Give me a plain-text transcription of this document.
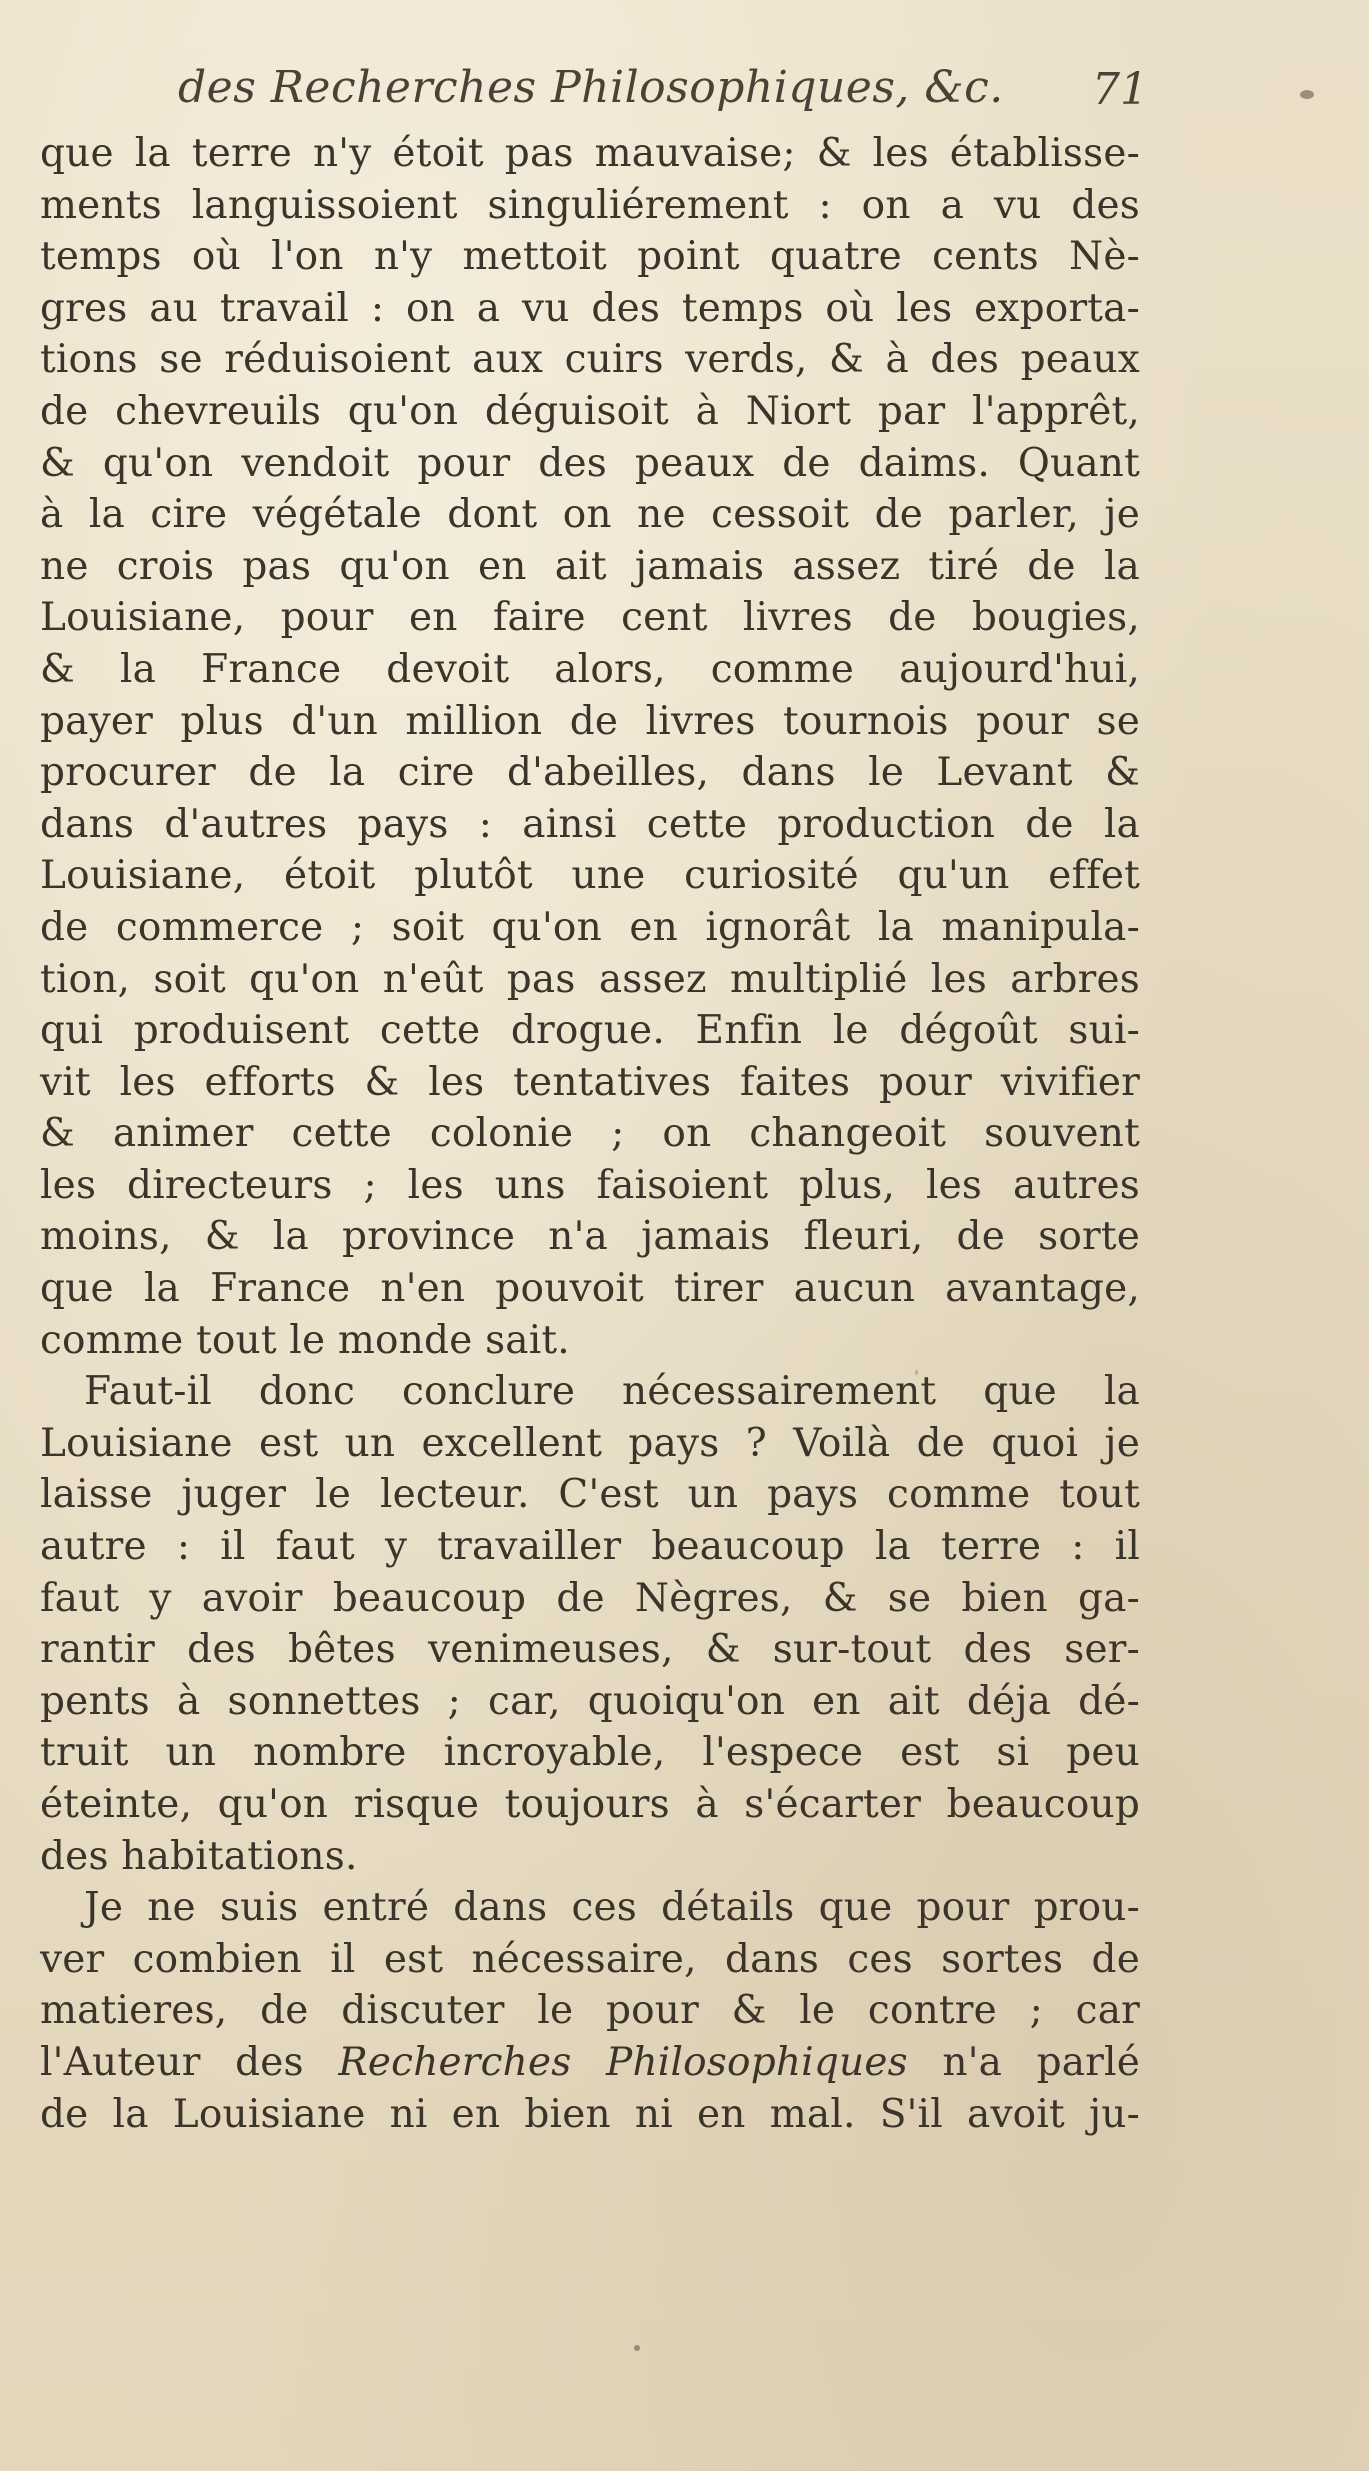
des Recherches Philosophiques, &c. 71
que la terre n'y étoit pas mauvaise; & les établisse-
ments languissoient singuliérement : on a vu des
temps où l'on n'y mettoit point quatre cents Nè-
gres au travail : on a vu des temps où les exporta-
tions se réduisoient aux cuirs verds, & à des peaux
de chevreuils qu'on déguisoit à Niort par l'apprêt,
& qu'on vendoit pour des peaux de daims. Quant
à la cire végétale dont on ne cessoit de parler, je
ne crois pas qu'on en ait jamais assez tiré de la
Louisiane, pour en faire cent livres de bougies,
& la France devoit alors, comme aujourd'hui,
payer plus d'un million de livres tournois pour se
procurer de la cire d'abeilles, dans le Levant &
dans d'autres pays : ainsi cette production de la
Louisiane, étoit plutôt une curiosité qu'un effet
de commerce ; soit qu'on en ignorât la manipula-
tion, soit qu'on n'eût pas assez multiplié les arbres
qui produisent cette drogue. Enfin le dégoût sui-
vit les efforts & les tentatives faites pour vivifier
& animer cette colonie ; on changeoit souvent
les directeurs ; les uns faisoient plus, les autres
moins, & la province n'a jamais fleuri, de sorte
que la France n'en pouvoit tirer aucun avantage,
comme tout le monde sait.
Faut-il donc conclure nécessairement que la
Louisiane est un excellent pays ? Voilà de quoi je
laisse juger le lecteur. C'est un pays comme tout
autre : il faut y travailler beaucoup la terre : il
faut y avoir beaucoup de Nègres, & se bien ga-
rantir des bêtes venimeuses, & sur-tout des ser-
pents à sonnettes ; car, quoiqu'on en ait déja dé-
truit un nombre incroyable, l'espece est si peu
éteinte, qu'on risque toujours à s'écarter beaucoup
des habitations.
Je ne suis entré dans ces détails que pour prou-
ver combien il est nécessaire, dans ces sortes de
matieres, de discuter le pour & le contre ; car
l'Auteur des Recherches Philosophiques n'a parlé
de la Louisiane ni en bien ni en mal. S'il avoit ju-
